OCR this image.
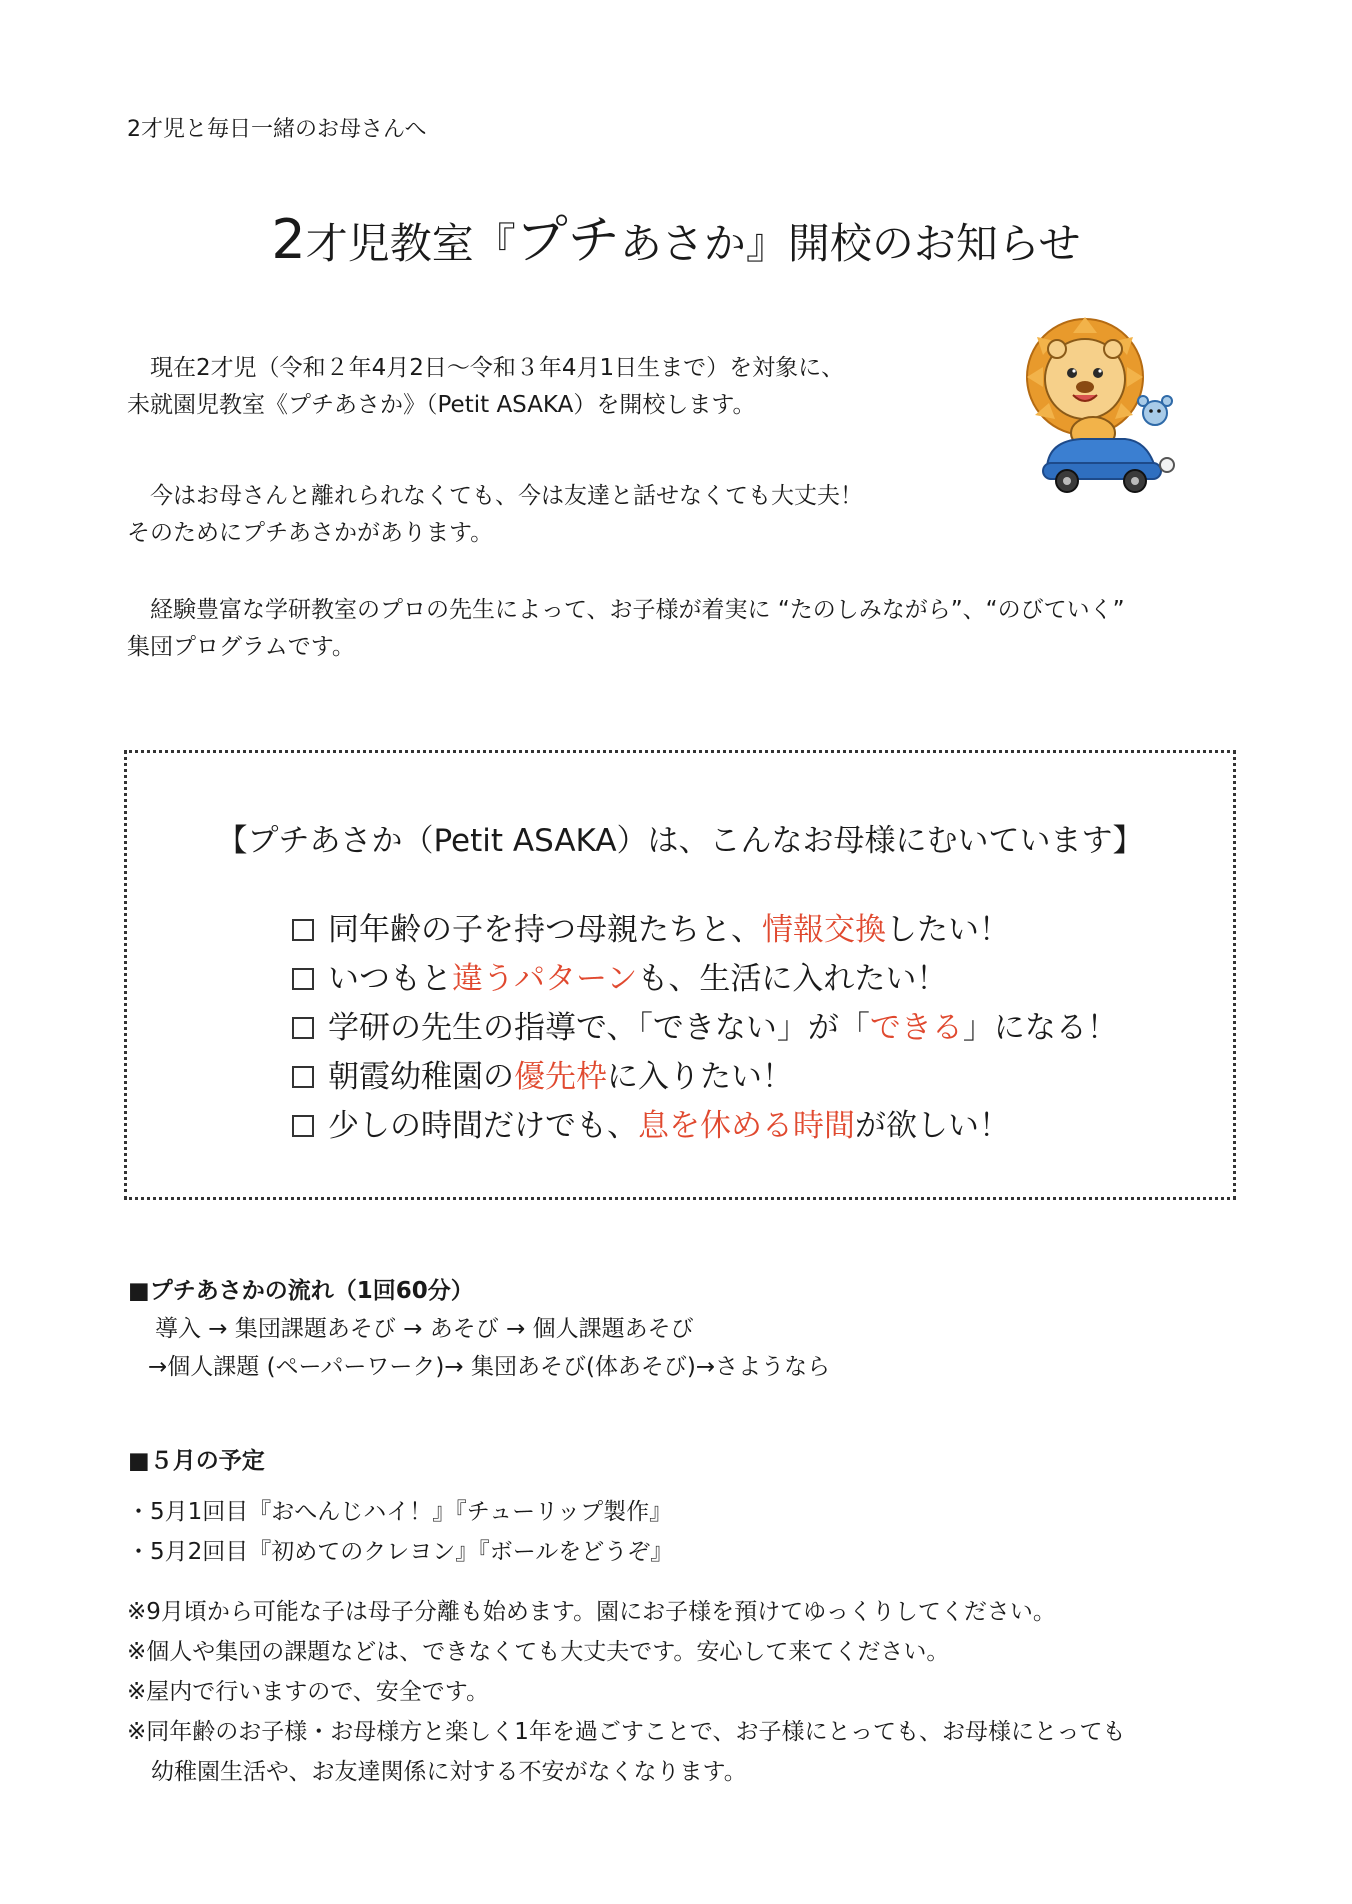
2才児と毎日一緒のお母さんへ
2才児教室『プチあさか』開校のお知らせ
　現在2才児（令和２年4月2日～令和３年4月1日生まで）を対象に、
未就園児教室《プチあさか》（Petit ASAKA）を開校します。
　今はお母さんと離れられなくても、今は友達と話せなくても大丈夫！
そのためにプチあさかがあります。
　経験豊富な学研教室のプロの先生によって、お子様が着実に “たのしみながら”、“のびていく”
集団プログラムです。
【プチあさか（Petit ASAKA）は、こんなお母様にむいています】
同年齢の子を持つ母親たちと、情報交換したい！
いつもと違うパターンも、生活に入れたい！
学研の先生の指導で、「できない」が「できる」になる！
朝霞幼稚園の優先枠に入りたい！
少しの時間だけでも、息を休める時間が欲しい！
■プチあさかの流れ（1回60分）
導入 → 集団課題あそび → あそび → 個人課題あそび
→個人課題 (ペーパーワーク)→ 集団あそび(体あそび)→さようなら
■５月の予定
・5月1回目『おへんじハイ！』『チューリップ製作』
・5月2回目『初めてのクレヨン』『ボールをどうぞ』
※9月頃から可能な子は母子分離も始めます。園にお子様を預けてゆっくりしてください。
※個人や集団の課題などは、できなくても大丈夫です。安心して来てください。
※屋内で行いますので、安全です。
※同年齢のお子様・お母様方と楽しく1年を過ごすことで、お子様にとっても、お母様にとっても
幼稚園生活や、お友達関係に対する不安がなくなります。
